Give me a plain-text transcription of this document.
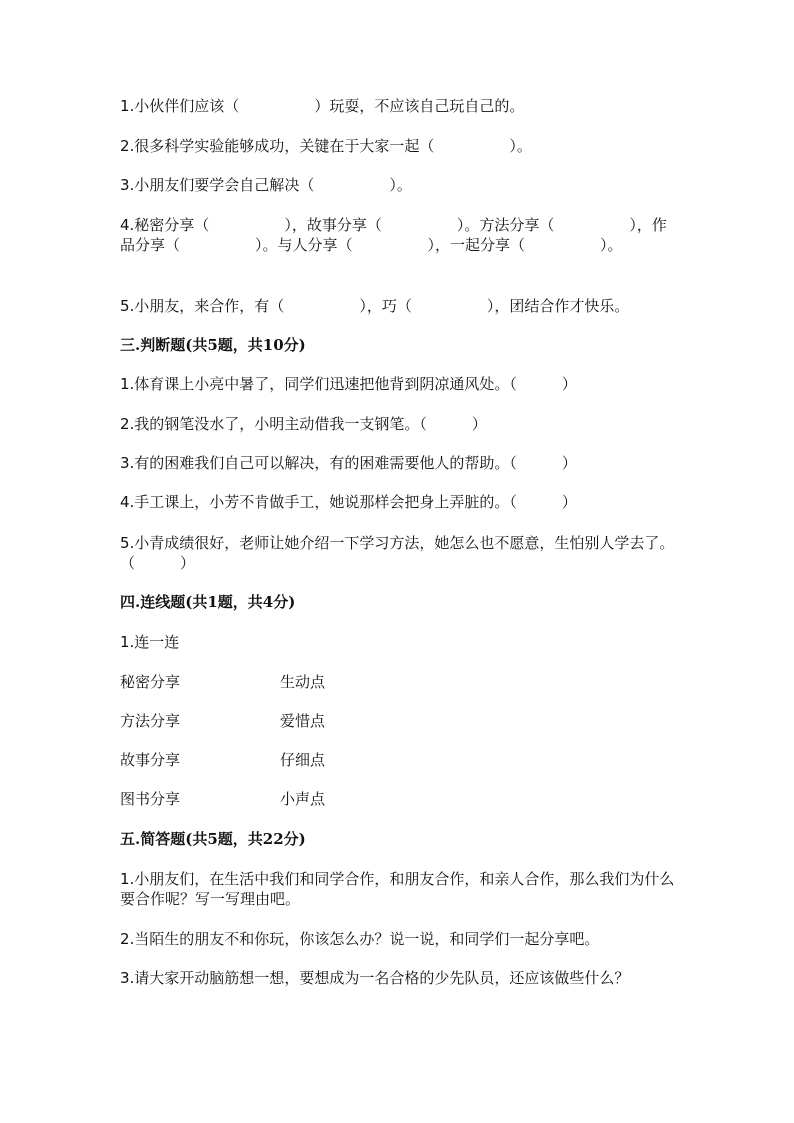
1.小伙伴们应该（　　　　　）玩耍，不应该自己玩自己的。
2.很多科学实验能够成功，关键在于大家一起（　　　　　）。
3.小朋友们要学会自己解决（　　　　　）。
4.秘密分享（　　　　　），故事分享（　　　　　）。方法分享（　　　　　），作品分享（　　　　　）。与人分享（　　　　　），一起分享（　　　　　）。
5.小朋友，来合作，有（　　　　　），巧（　　　　　），团结合作才快乐。
三.判断题(共5题，共10分)
1.体育课上小亮中暑了，同学们迅速把他背到阴凉通风处。（　　　）
2.我的钢笔没水了，小明主动借我一支钢笔。（　　　）
3.有的困难我们自己可以解决，有的困难需要他人的帮助。（　　　）
4.手工课上，小芳不肯做手工，她说那样会把身上弄脏的。（　　　）
5.小青成绩很好，老师让她介绍一下学习方法，她怎么也不愿意，生怕别人学去了。（　　　）
四.连线题(共1题，共4分)
1.连一连
秘密分享	生动点
方法分享	爱惜点
故事分享	仔细点
图书分享	小声点
五.简答题(共5题，共22分)
1.小朋友们，在生活中我们和同学合作，和朋友合作，和亲人合作，那么我们为什么要合作呢？写一写理由吧。
2.当陌生的朋友不和你玩，你该怎么办？说一说，和同学们一起分享吧。
3.请大家开动脑筋想一想，要想成为一名合格的少先队员，还应该做些什么？
